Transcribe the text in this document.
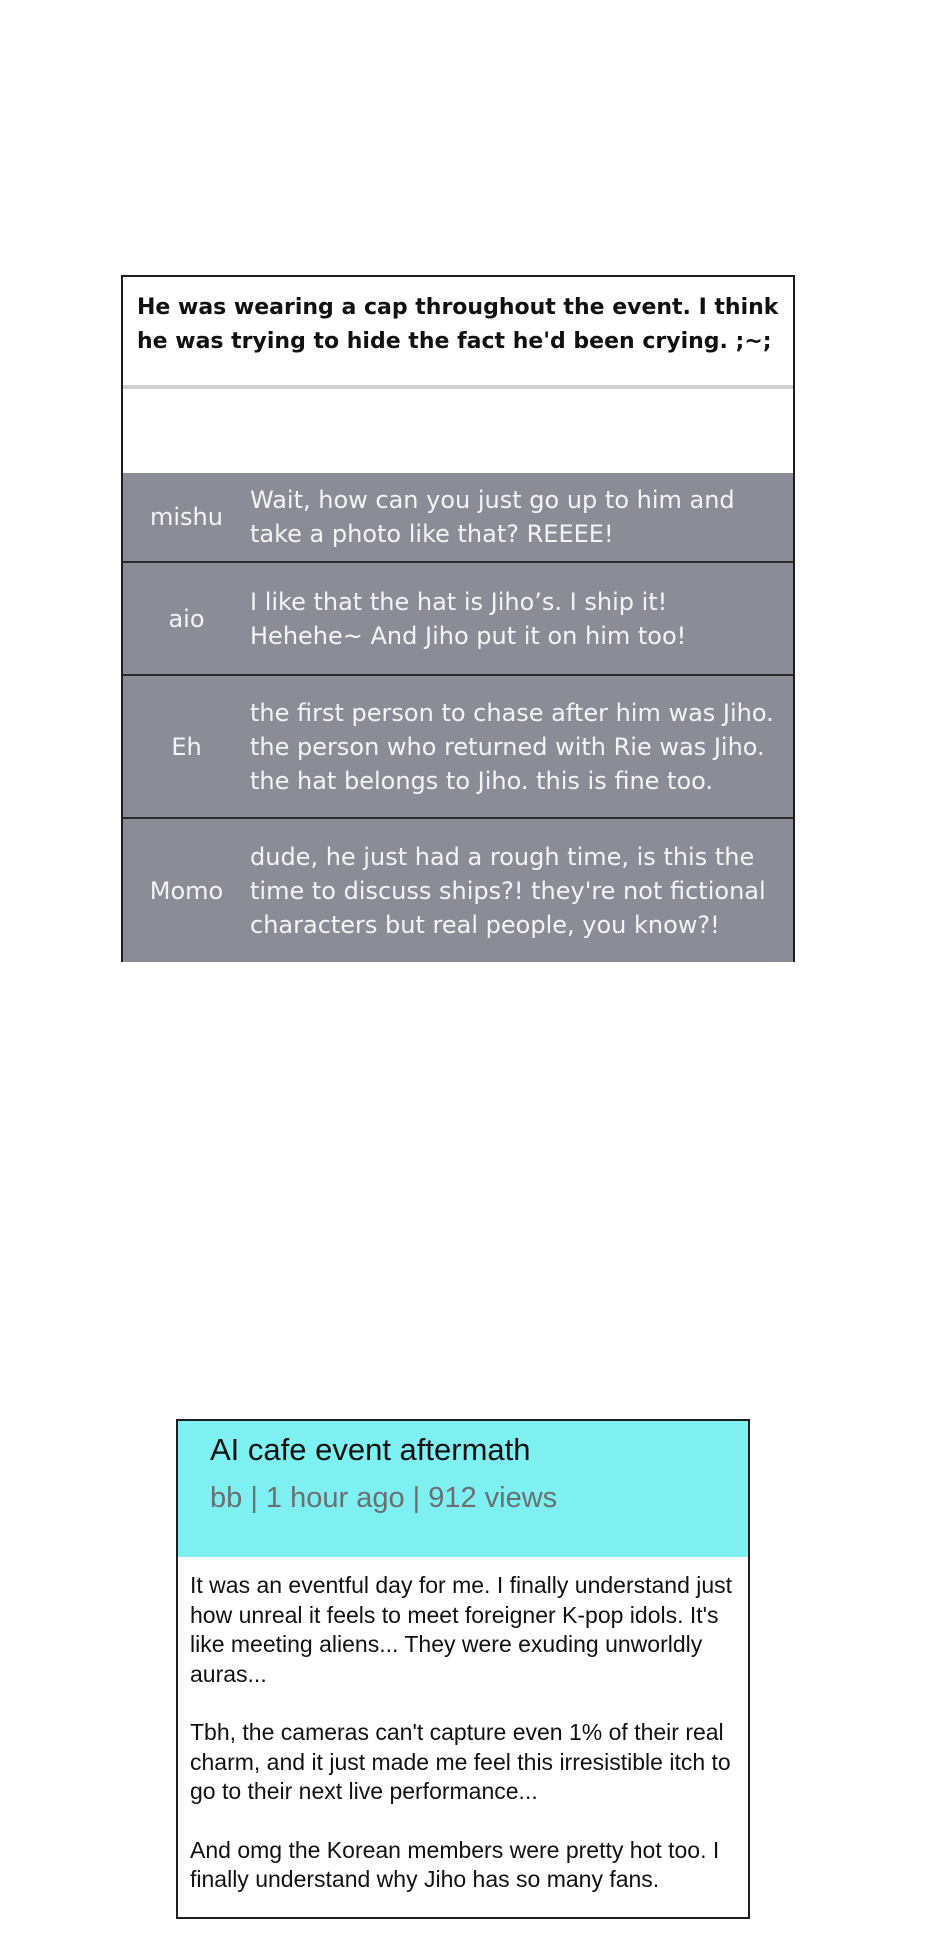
He was wearing a cap throughout the event. I think he was trying to hide the fact he'd been crying. ;~;
mishu
Wait, how can you just go up to him and take a photo like that? REEEE!
aio
I like that the hat is Jiho’s. I ship it! Hehehe~ And Jiho put it on him too!
Eh
the first person to chase after him was Jiho. the person who returned with Rie was Jiho. the hat belongs to Jiho. this is fine too.
Momo
dude, he just had a rough time, is this the time to discuss ships?! they're not fictional characters but real people, you know?!
AI cafe event aftermath
bb | 1 hour ago | 912 views

It was an eventful day for me. I finally understand just how unreal it feels to meet foreigner K-pop idols. It's like meeting aliens... They were exuding unworldly auras...

Tbh, the cameras can't capture even 1% of their real charm, and it just made me feel this irresistible itch to go to their next live performance...

And omg the Korean members were pretty hot too. I finally understand why Jiho has so many fans.
